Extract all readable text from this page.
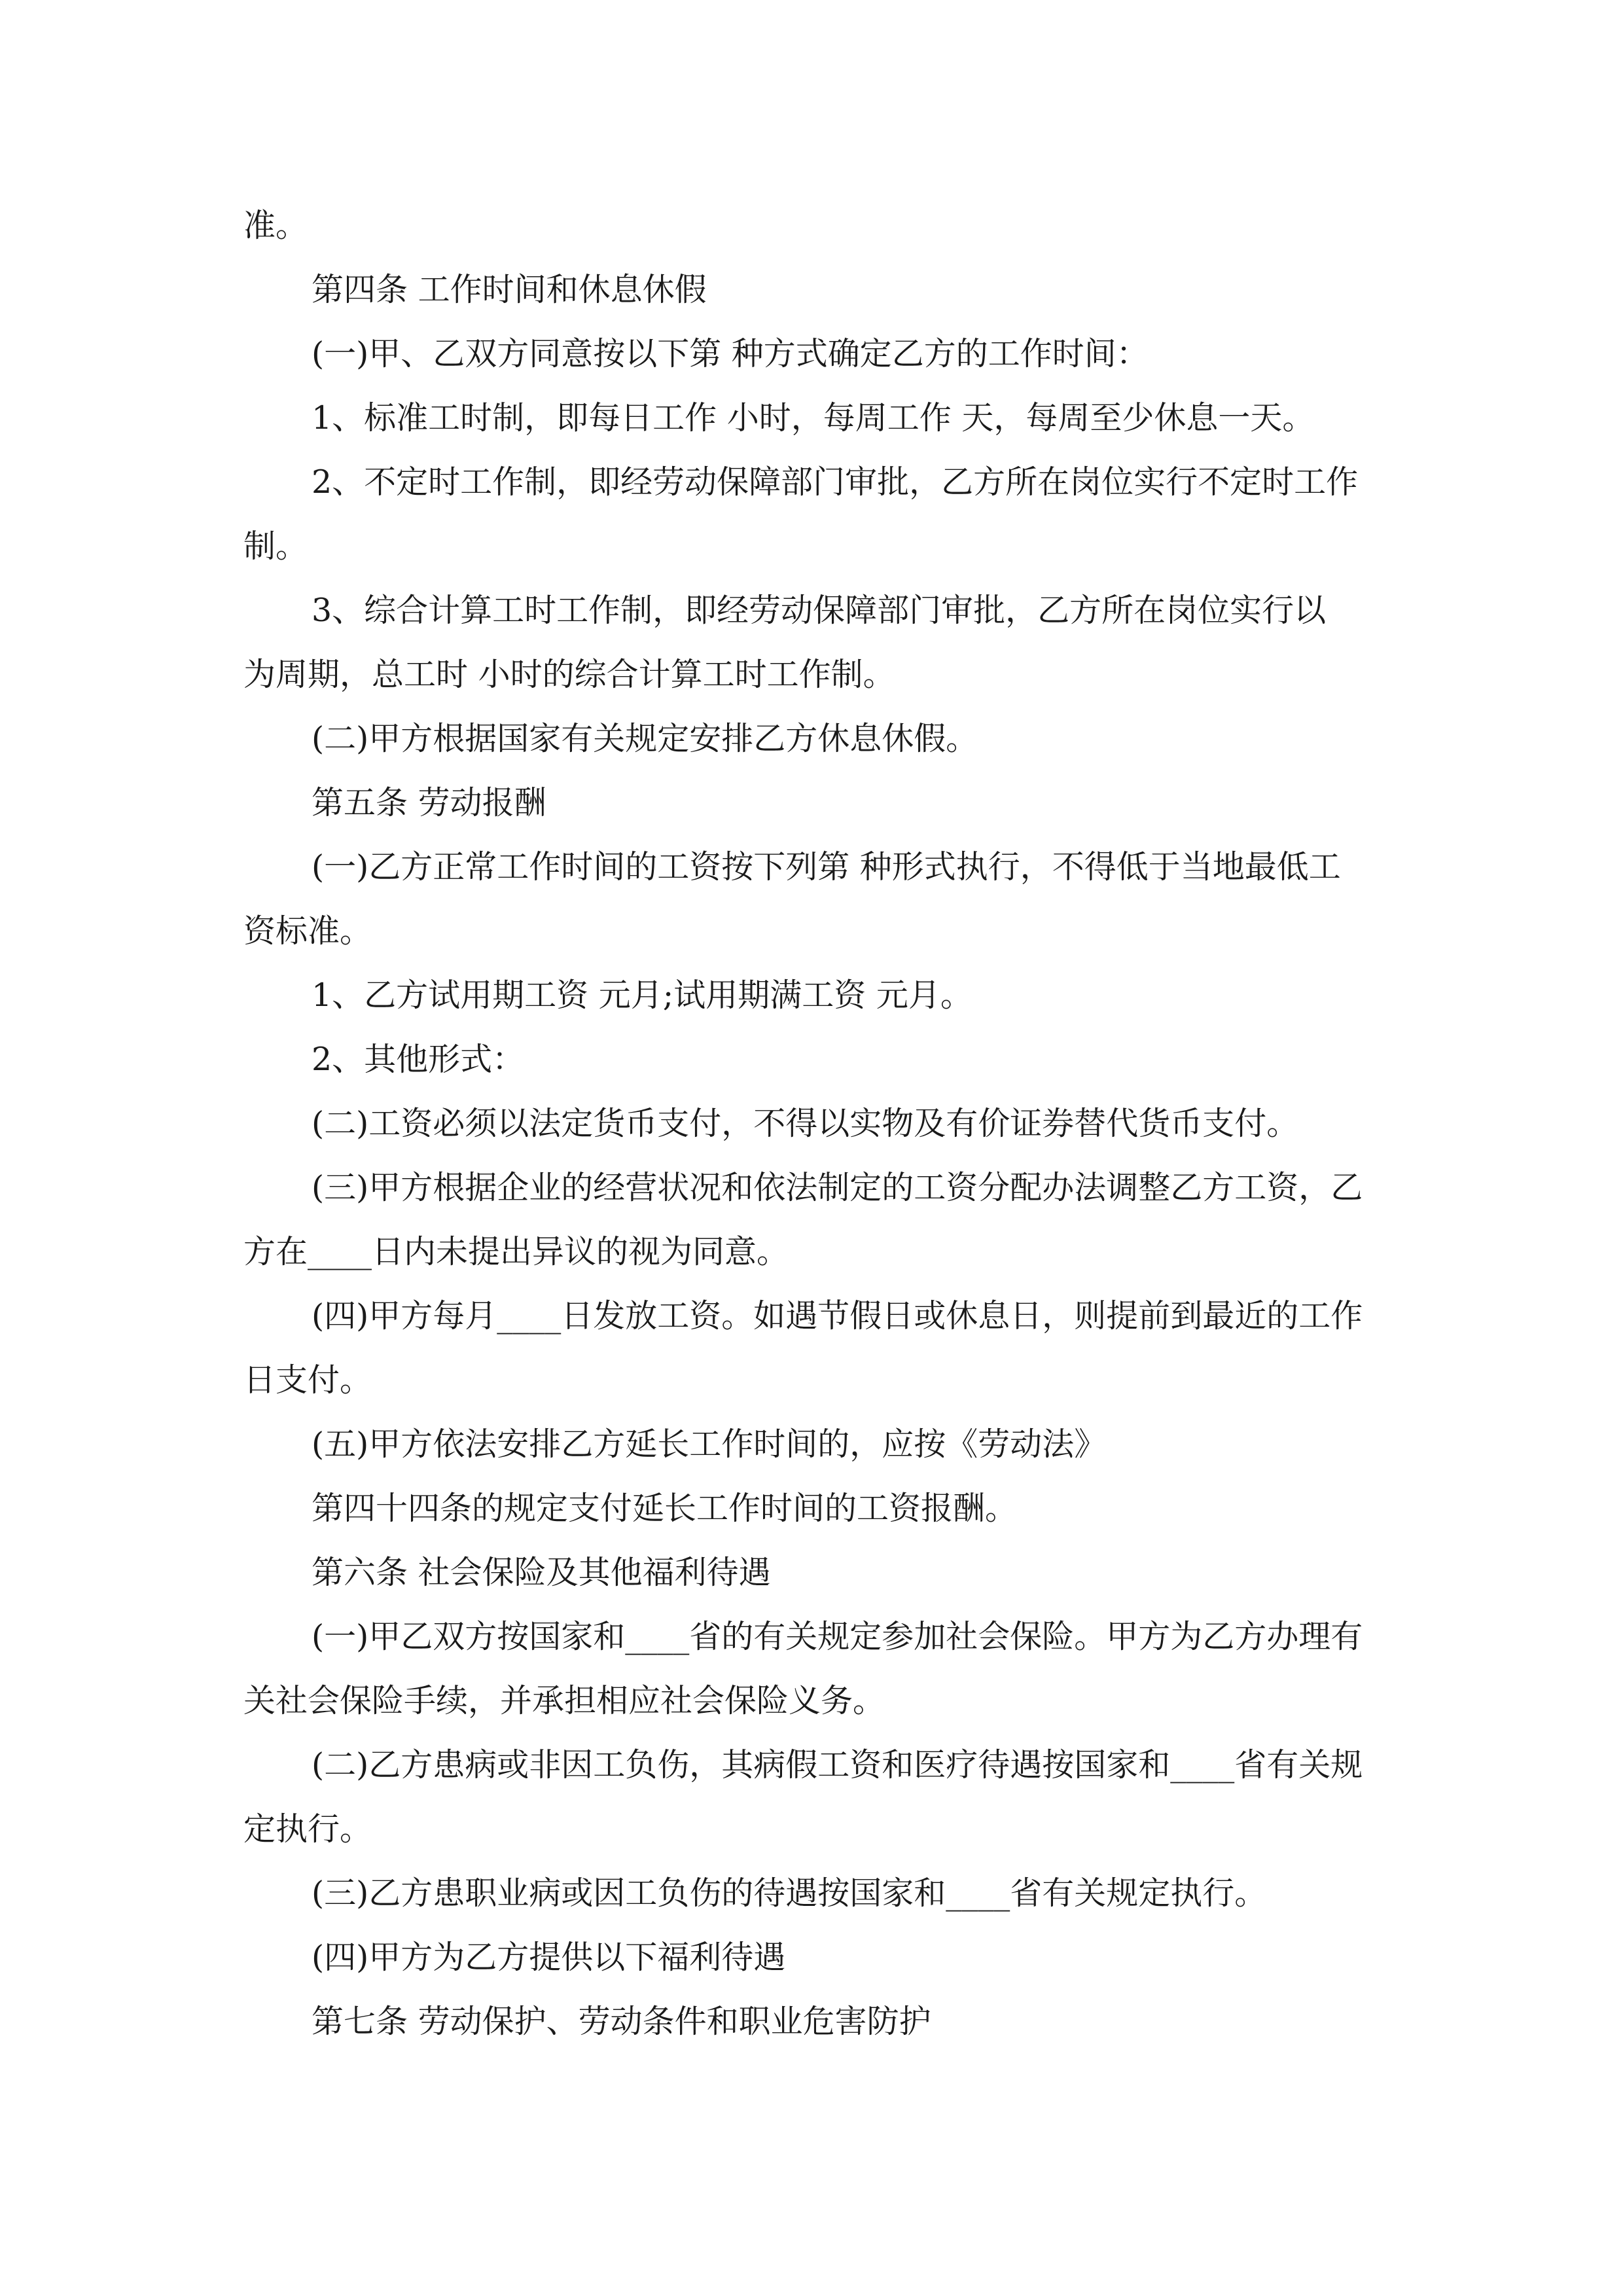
准。
第四条 工作时间和休息休假
(一)甲、乙双方同意按以下第 种方式确定乙方的工作时间：
1、标准工时制，即每日工作 小时，每周工作 天，每周至少休息一天。
2、不定时工作制，即经劳动保障部门审批，乙方所在岗位实行不定时工作
制。
3、综合计算工时工作制，即经劳动保障部门审批，乙方所在岗位实行以
为周期，总工时 小时的综合计算工时工作制。
(二)甲方根据国家有关规定安排乙方休息休假。
第五条 劳动报酬
(一)乙方正常工作时间的工资按下列第 种形式执行，不得低于当地最低工
资标准。
1、乙方试用期工资 元月;试用期满工资 元月。
2、其他形式：
(二)工资必须以法定货币支付，不得以实物及有价证券替代货币支付。
(三)甲方根据企业的经营状况和依法制定的工资分配办法调整乙方工资，乙
方在____日内未提出异议的视为同意。
(四)甲方每月____日发放工资。如遇节假日或休息日，则提前到最近的工作
日支付。
(五)甲方依法安排乙方延长工作时间的，应按《劳动法》
第四十四条的规定支付延长工作时间的工资报酬。
第六条 社会保险及其他福利待遇
(一)甲乙双方按国家和____省的有关规定参加社会保险。甲方为乙方办理有
关社会保险手续，并承担相应社会保险义务。
(二)乙方患病或非因工负伤，其病假工资和医疗待遇按国家和____省有关规
定执行。
(三)乙方患职业病或因工负伤的待遇按国家和____省有关规定执行。
(四)甲方为乙方提供以下福利待遇
第七条 劳动保护、劳动条件和职业危害防护
